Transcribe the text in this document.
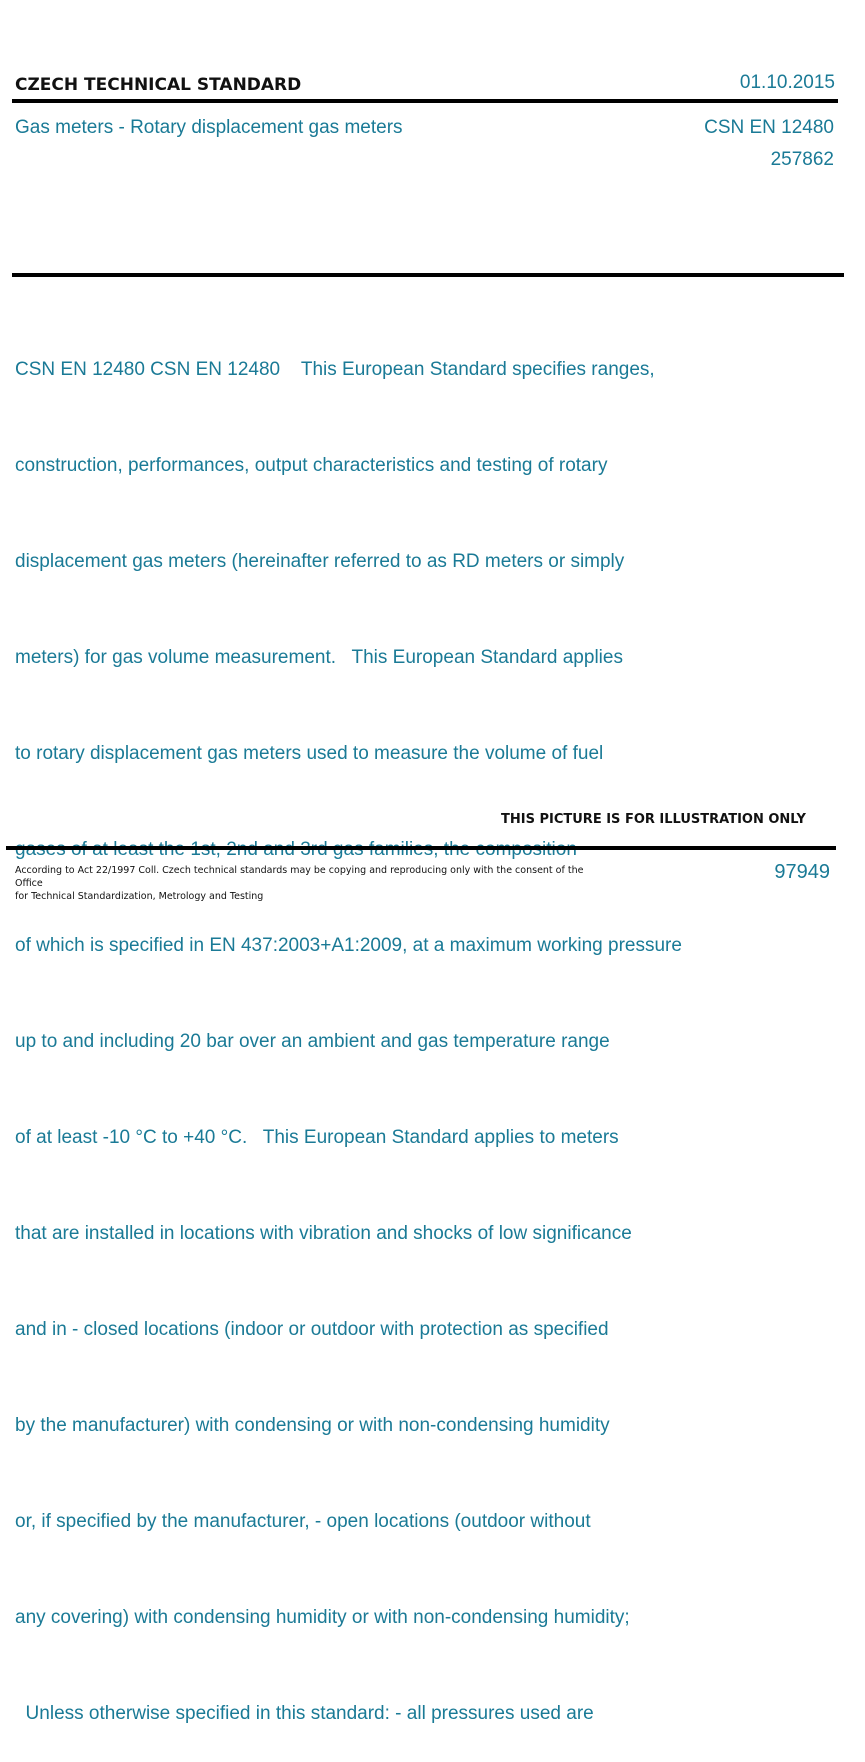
CZECH TECHNICAL STANDARD	01.10.2015
Gas meters - Rotary displacement gas meters	CSN EN 12480
257862

CSN EN 12480 CSN EN 12480    This European Standard specifies ranges,

construction, performances, output characteristics and testing of rotary

displacement gas meters (hereinafter referred to as RD meters or simply

meters) for gas volume measurement.   This European Standard applies

to rotary displacement gas meters used to measure the volume of fuel

of which is specified in EN 437:2003+A1:2009, at a maximum working pressure

up to and including 20 bar over an ambient and gas temperature range

of at least -10 °C to +40 °C.   This European Standard applies to meters

that are installed in locations with vibration and shocks of low significance

and in - closed locations (indoor or outdoor with protection as specified

by the manufacturer) with condensing or with non-condensing humidity

or, if specified by the manufacturer, - open locations (outdoor without

any covering) with condensing humidity or with non-condensing humidity;

Unless otherwise specified in this standard: - all pressures used are

THIS PICTURE IS FOR ILLUSTRATION ONLY
According to Act 22/1997 Coll. Czech technical standards may be copying and reproducing only with the consent of the Office
for Technical Standardization, Metrology and Testing
97949
